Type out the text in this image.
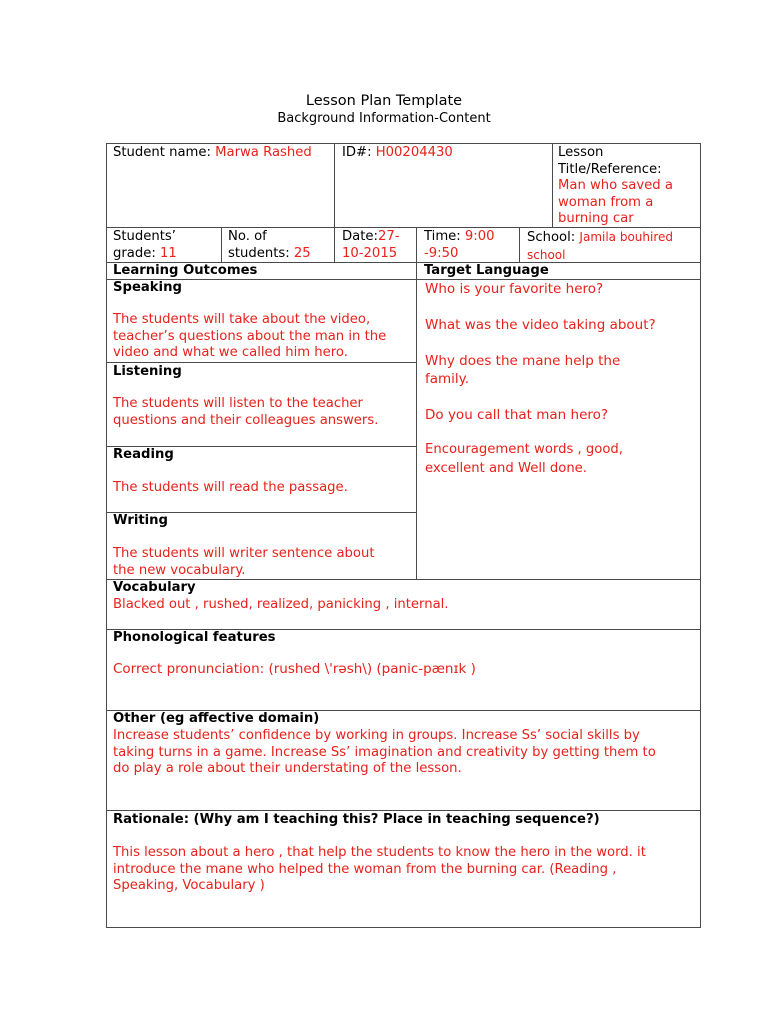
Lesson Plan Template
Background Information-Content
Student name: Marwa Rashed ID#: H00204430	Lesson
Title/Reference:
Man who saved a
woman from a
burning car
Students’
grade: 11
No. of
students: 25
Date:27-
10-2015
Time: 9:00
-9:50
School: Jamila bouhired
school
Learning Outcomes	Target Language
Speaking
The students will take about the video,
teacher’s questions about the man in the
video and what we called him hero.
Listening
The students will listen to the teacher
questions and their colleagues answers.
Reading
The students will read the passage.
Writing
The students will writer sentence about
the new vocabulary.
Who is your favorite hero?
What was the video taking about?
Why does the mane help the
family.
Do you call that man hero?
Encouragement words , good,
excellent and Well done.
Vocabulary
Blacked out , rushed, realized, panicking , internal.
Phonological features
Correct pronunciation: (rushed \'rəsh\) (panic-pænɪk )
Other (eg affective domain)
Increase students’ confidence by working in groups. Increase Ss’ social skills by
taking turns in a game. Increase Ss’ imagination and creativity by getting them to
do play a role about their understating of the lesson.
Rationale: (Why am I teaching this? Place in teaching sequence?)
This lesson about a hero , that help the students to know the hero in the word. it
introduce the mane who helped the woman from the burning car. (Reading ,
Speaking, Vocabulary )
